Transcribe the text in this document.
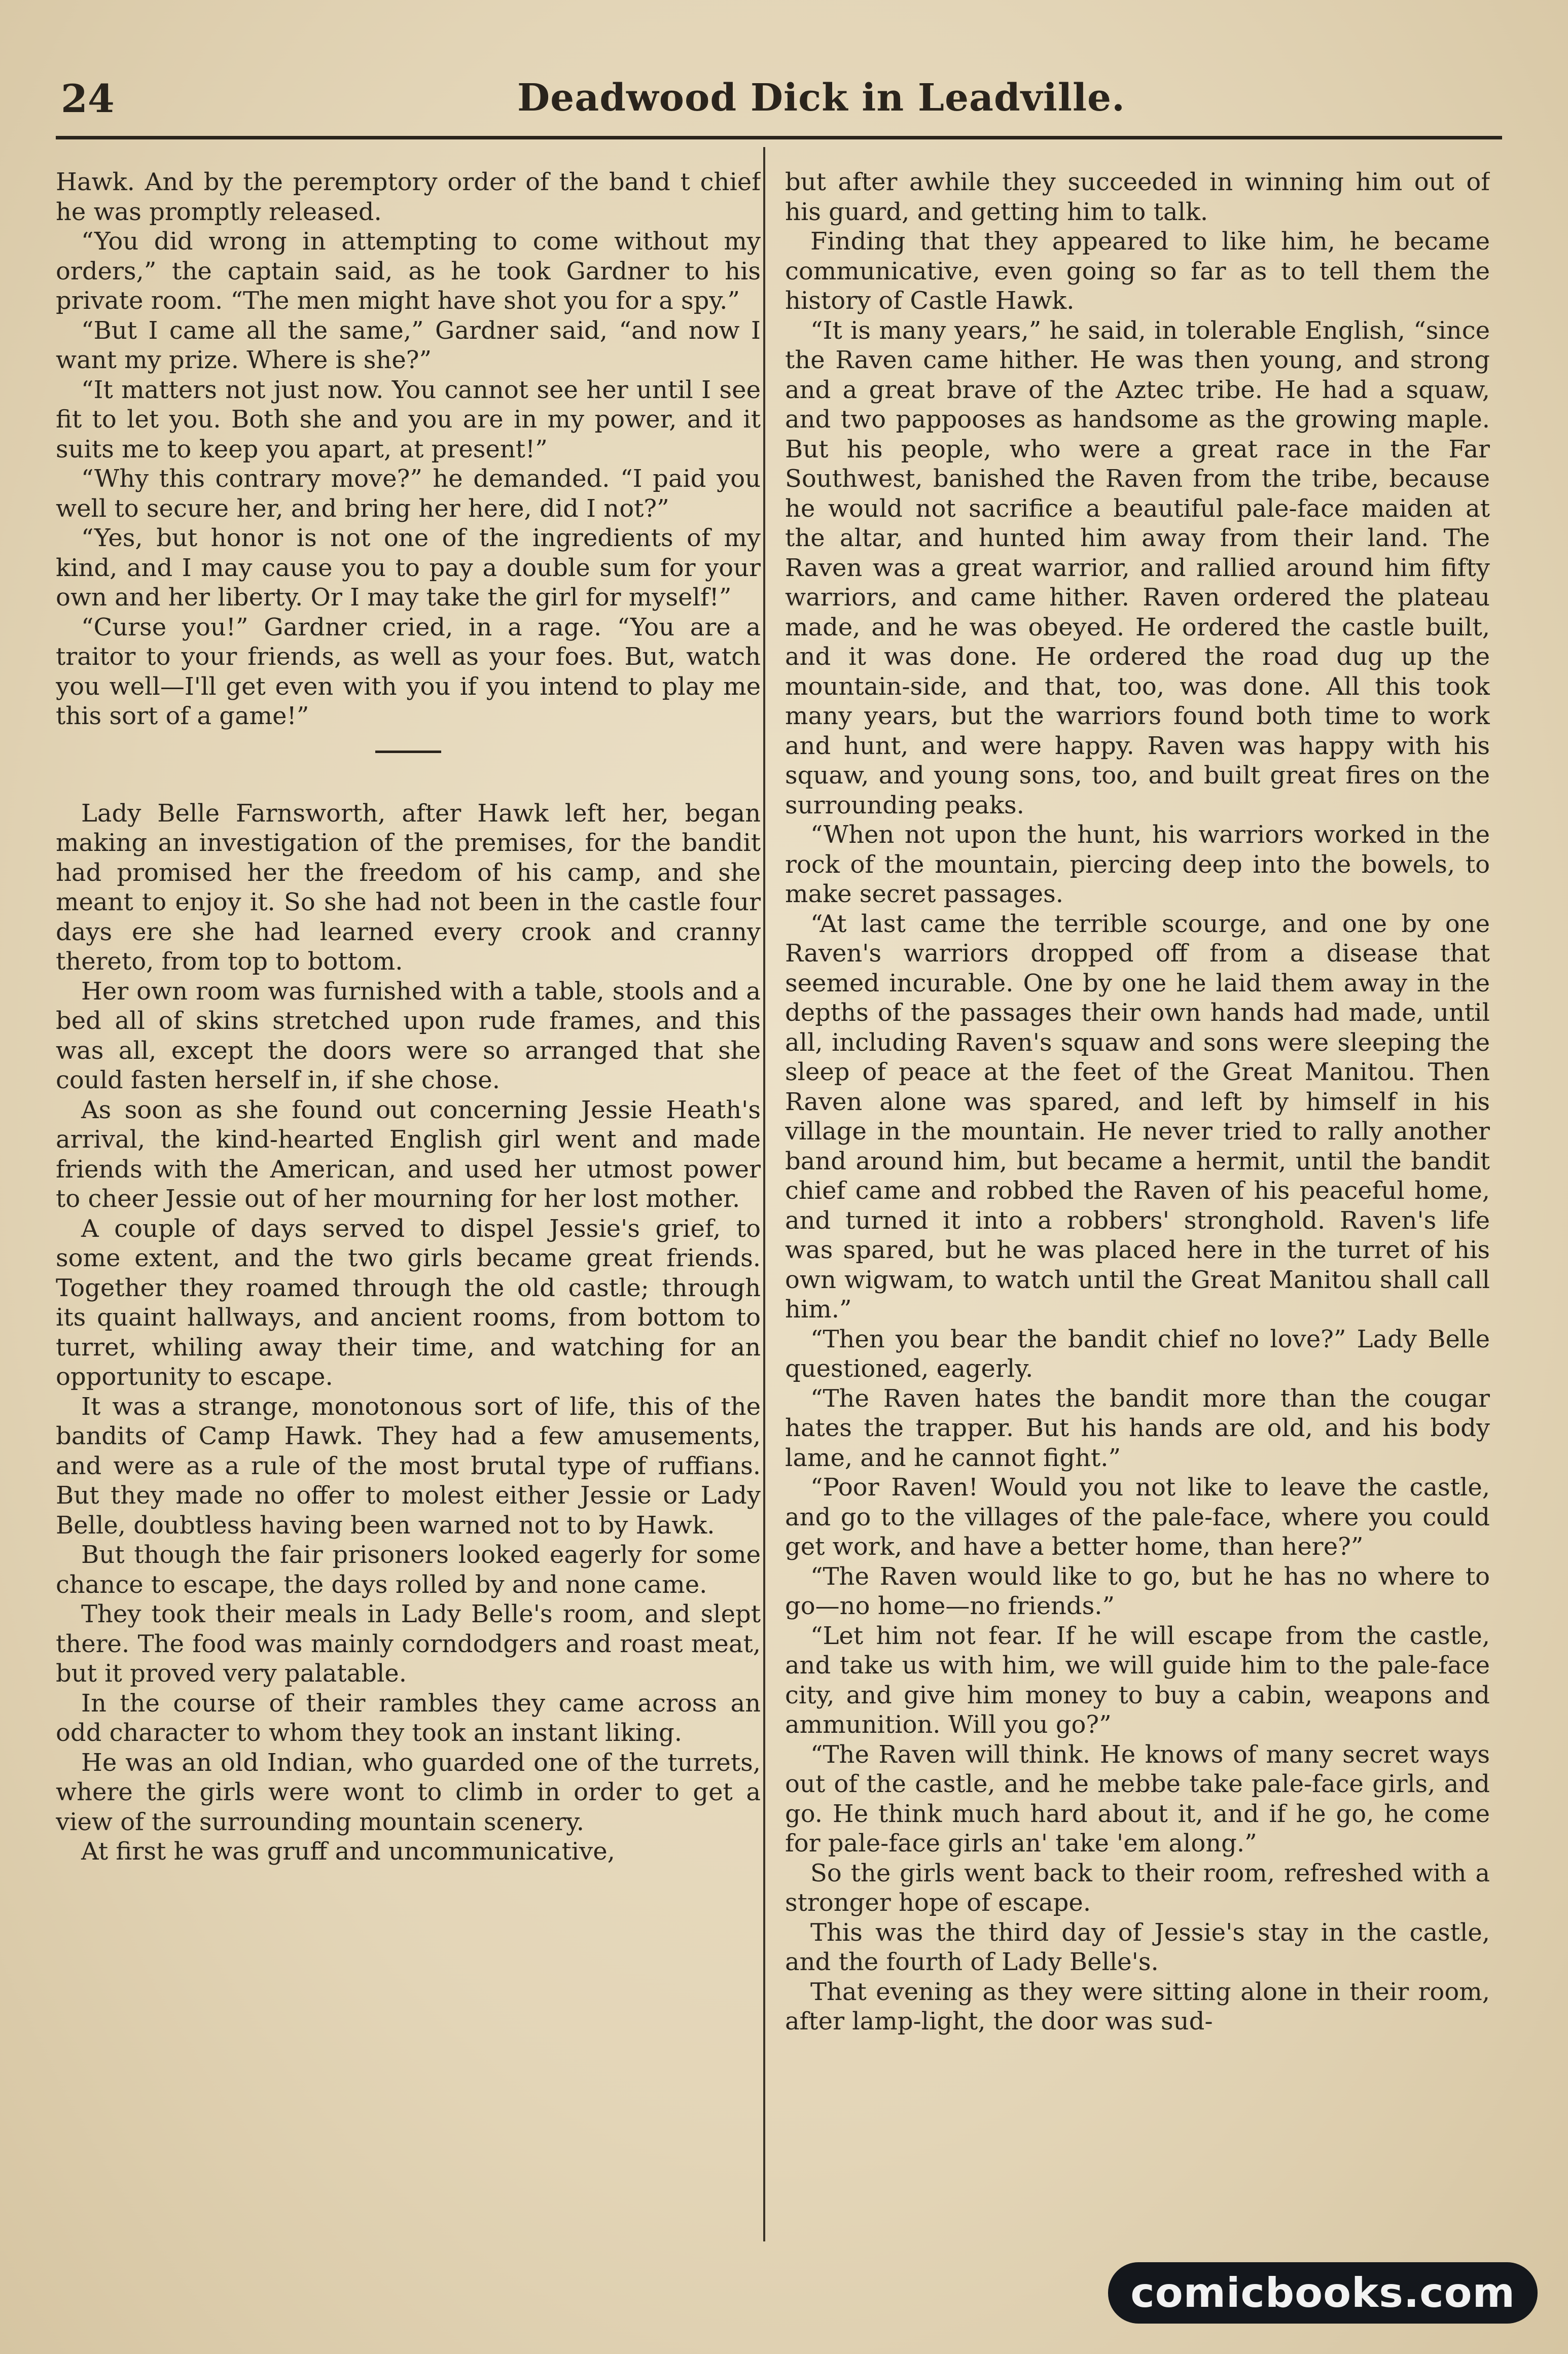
24	Deadwood Dick in Leadville.

Hawk. And by the peremptory order of the band t chief he was promptly released.

“You did wrong in attempting to come without my orders,” the captain said, as he took Gardner to his private room. “The men might have shot you for a spy.”

“But I came all the same,” Gardner said, “and now I want my prize. Where is she?”

“It matters not just now. You cannot see her until I see fit to let you. Both she and you are in my power, and it suits me to keep you apart, at present!”

“Why this contrary move?” he demanded. “I paid you well to secure her, and bring her here, did I not?”

“Yes, but honor is not one of the ingredients of my kind, and I may cause you to pay a double sum for your own and her liberty. Or I may take the girl for myself!”

“Curse you!” Gardner cried, in a rage. “You are a traitor to your friends, as well as your foes. But, watch you well—I'll get even with you if you intend to play me this sort of a game!”

Lady Belle Farnsworth, after Hawk left her, began making an investigation of the premises, for the bandit had promised her the freedom of his camp, and she meant to enjoy it. So she had not been in the castle four days ere she had learned every crook and cranny thereto, from top to bottom.

Her own room was furnished with a table, stools and a bed all of skins stretched upon rude frames, and this was all, except the doors were so arranged that she could fasten herself in, if she chose.

As soon as she found out concerning Jessie Heath's arrival, the kind-hearted English girl went and made friends with the American, and used her utmost power to cheer Jessie out of her mourning for her lost mother.

A couple of days served to dispel Jessie's grief, to some extent, and the two girls became great friends. Together they roamed through the old castle; through its quaint hallways, and ancient rooms, from bottom to turret, whiling away their time, and watching for an opportunity to escape.

It was a strange, monotonous sort of life, this of the bandits of Camp Hawk. They had a few amusements, and were as a rule of the most brutal type of ruffians. But they made no offer to molest either Jessie or Lady Belle, doubtless having been warned not to by Hawk.

But though the fair prisoners looked eagerly for some chance to escape, the days rolled by and none came.

They took their meals in Lady Belle's room, and slept there. The food was mainly corndodgers and roast meat, but it proved very palatable.

In the course of their rambles they came across an odd character to whom they took an instant liking.

He was an old Indian, who guarded one of the turrets, where the girls were wont to climb in order to get a view of the surrounding mountain scenery.

At first he was gruff and uncommunicative,

but after awhile they succeeded in winning him out of his guard, and getting him to talk.

Finding that they appeared to like him, he became communicative, even going so far as to tell them the history of Castle Hawk.

“It is many years,” he said, in tolerable English, “since the Raven came hither. He was then young, and strong and a great brave of the Aztec tribe. He had a squaw, and two pappooses as handsome as the growing maple. But his people, who were a great race in the Far Southwest, banished the Raven from the tribe, because he would not sacrifice a beautiful pale-face maiden at the altar, and hunted him away from their land. The Raven was a great warrior, and rallied around him fifty warriors, and came hither. Raven ordered the plateau made, and he was obeyed. He ordered the castle built, and it was done. He ordered the road dug up the mountain-side, and that, too, was done. All this took many years, but the warriors found both time to work and hunt, and were happy. Raven was happy with his squaw, and young sons, too, and built great fires on the surrounding peaks.

“When not upon the hunt, his warriors worked in the rock of the mountain, piercing deep into the bowels, to make secret passages.

“At last came the terrible scourge, and one by one Raven's warriors dropped off from a disease that seemed incurable. One by one he laid them away in the depths of the passages their own hands had made, until all, including Raven's squaw and sons were sleeping the sleep of peace at the feet of the Great Manitou. Then Raven alone was spared, and left by himself in his village in the mountain. He never tried to rally another band around him, but became a hermit, until the bandit chief came and robbed the Raven of his peaceful home, and turned it into a robbers' stronghold. Raven's life was spared, but he was placed here in the turret of his own wigwam, to watch until the Great Manitou shall call him.”

“Then you bear the bandit chief no love?” Lady Belle questioned, eagerly.

“The Raven hates the bandit more than the cougar hates the trapper. But his hands are old, and his body lame, and he cannot fight.”

“Poor Raven! Would you not like to leave the castle, and go to the villages of the pale-face, where you could get work, and have a better home, than here?”

“The Raven would like to go, but he has no where to go—no home—no friends.”

“Let him not fear. If he will escape from the castle, and take us with him, we will guide him to the pale-face city, and give him money to buy a cabin, weapons and ammunition. Will you go?”

“The Raven will think. He knows of many secret ways out of the castle, and he mebbe take pale-face girls, and go. He think much hard about it, and if he go, he come for pale-face girls an' take 'em along.”

So the girls went back to their room, refreshed with a stronger hope of escape.

This was the third day of Jessie's stay in the castle, and the fourth of Lady Belle's.

That evening as they were sitting alone in their room, after lamp-light, the door was sud-

comicbooks.com
